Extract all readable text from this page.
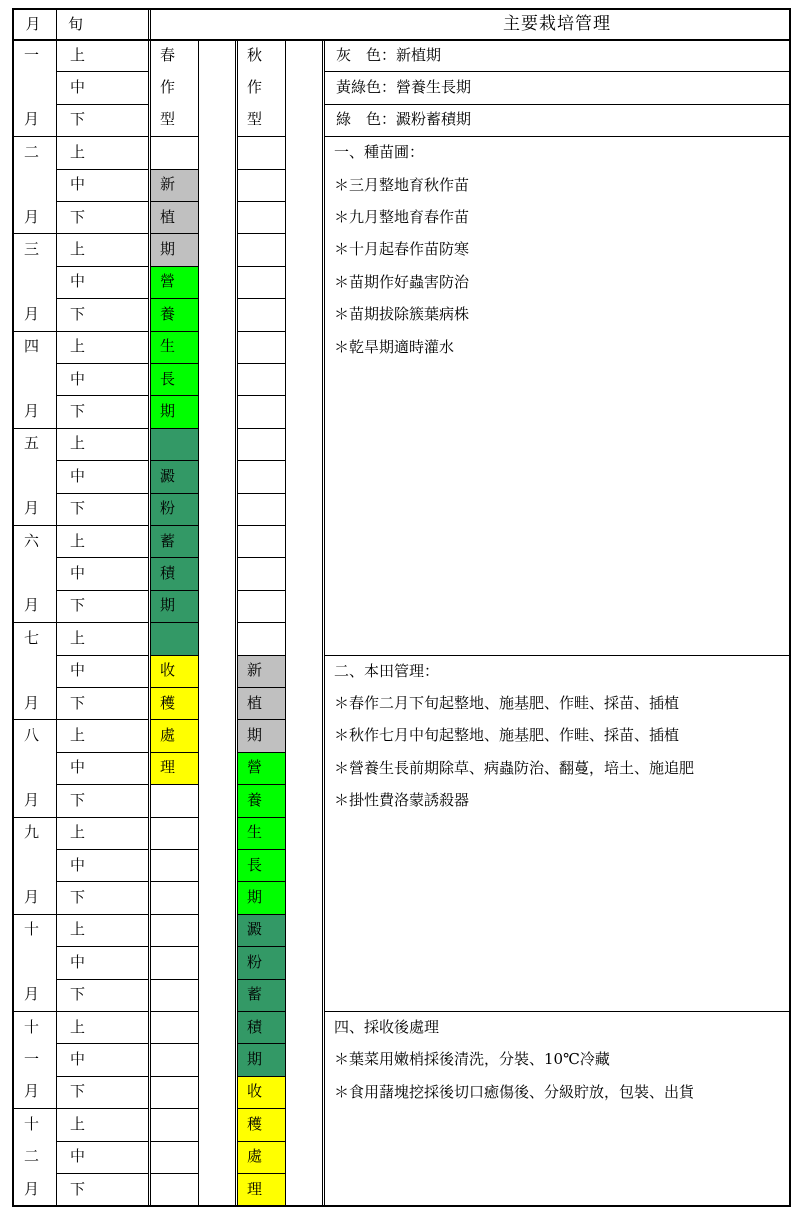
月	旬	主要栽培管理
一
月
上
中
下
二
月
上
中
下
三
月
上
中
下
四
月
上
中
下
五
月
上
中
下
六
月
上
中
下
七
月
上
中
下
八
月
上
中
下
九
月
上
中
下
十
月
上
中
下
十
一
月
上
中
下
十
二
月
上
中
下
春
作
型
新
植
期
營
養
生
長
期
澱
粉
蓄
積
期
收
穫
處
理
秋
作
型
新
植
期
營
養
生
長
期
澱
粉
蓄
積
期
收
穫
處
理
灰　色：新植期
黃綠色：營養生長期
綠　色：澱粉蓄積期
一、種苗圃：
＊三月整地育秋作苗
＊九月整地育春作苗
＊十月起春作苗防寒
＊苗期作好蟲害防治
＊苗期拔除簇葉病株
＊乾旱期適時灌水
二、本田管理：
＊春作二月下旬起整地、施基肥、作畦、採苗、插植
＊秋作七月中旬起整地、施基肥、作畦、採苗、插植
＊營養生長前期除草、病蟲防治、翻蔓，培土、施追肥
＊掛性費洛蒙誘殺器
四、採收後處理
＊葉菜用嫩梢採後清洗，分裝、10℃冷藏
＊食用藷塊挖採後切口癒傷後、分級貯放，包裝、出貨
